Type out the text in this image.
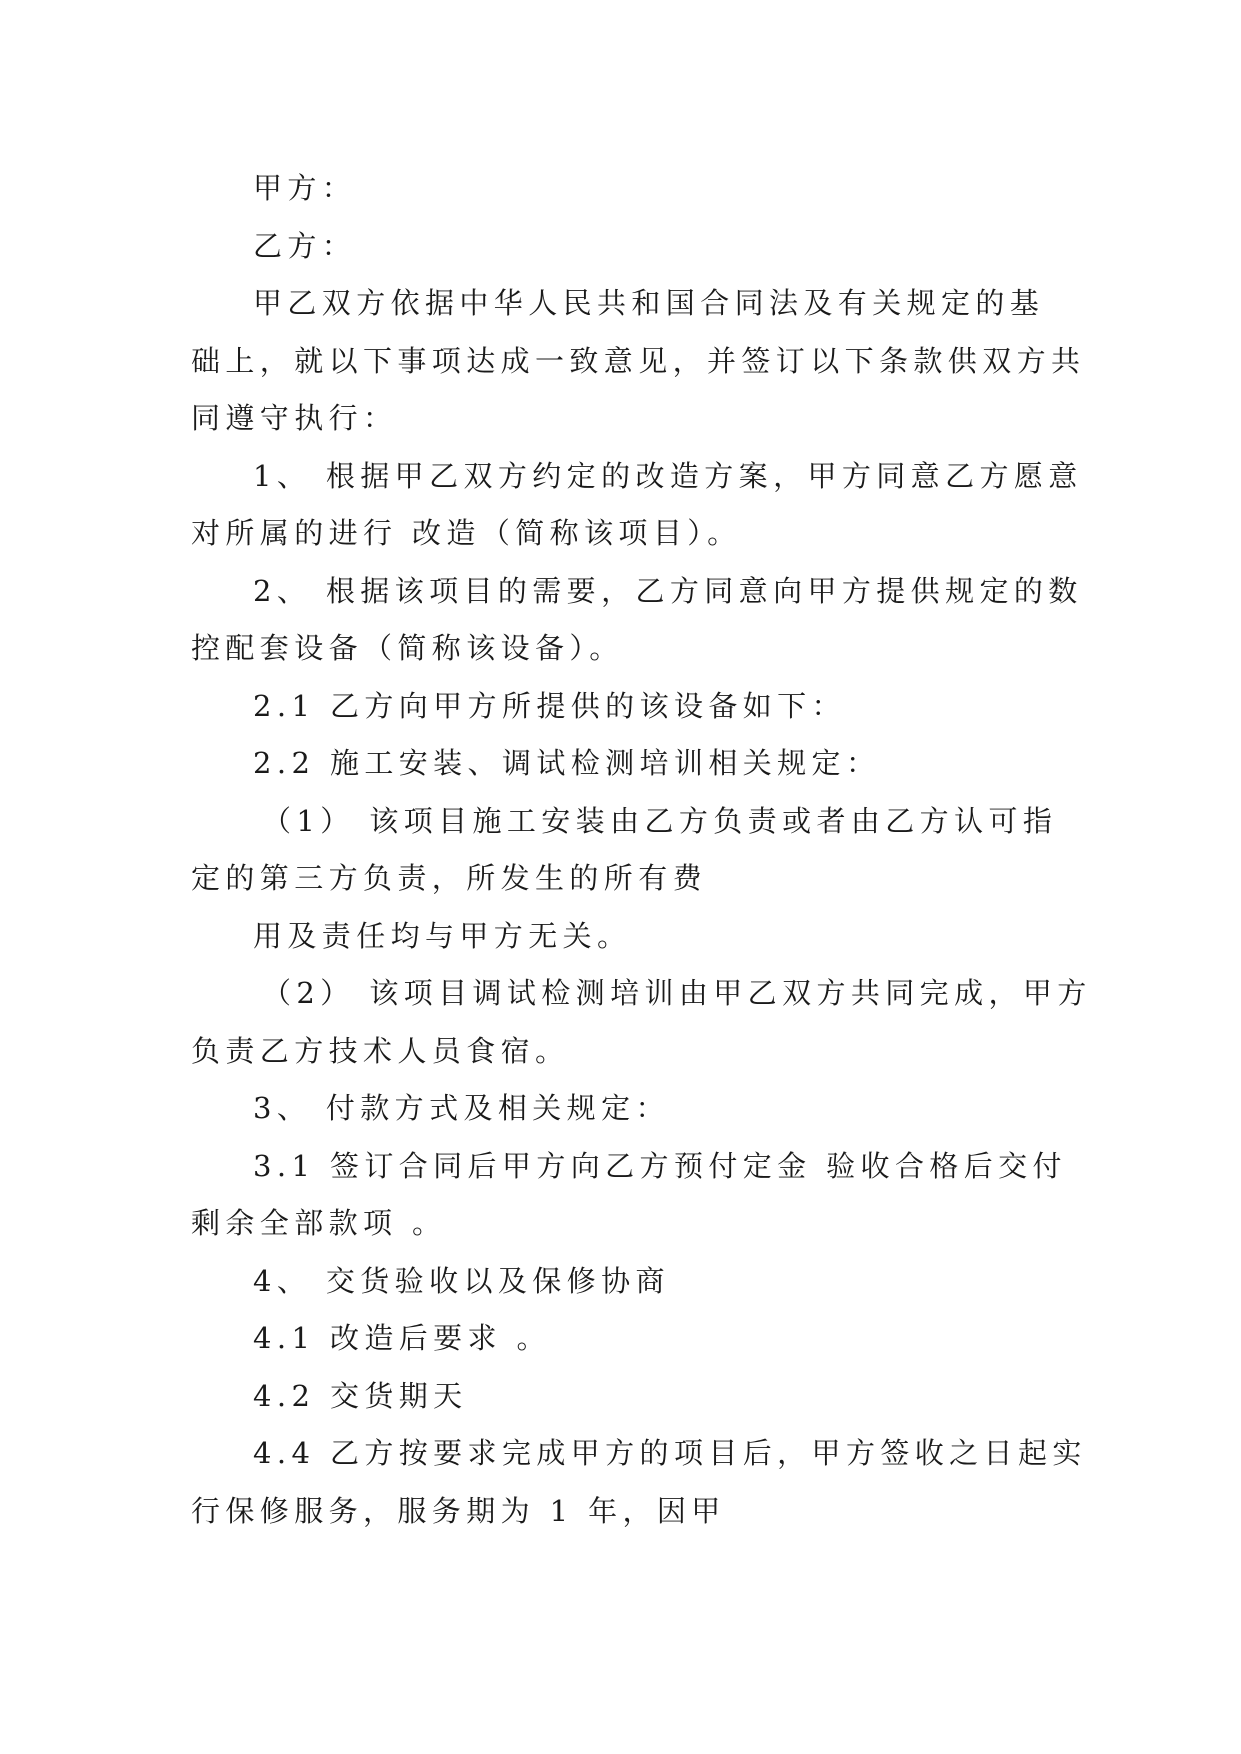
甲方：

乙方：

甲乙双方依据中华人民共和国合同法及有关规定的基

础上，就以下事项达成一致意见，并签订以下条款供双方共

同遵守执行：

1、 根据甲乙双方约定的改造方案，甲方同意乙方愿意

对所属的进行 改造（简称该项目）。

2、 根据该项目的需要，乙方同意向甲方提供规定的数

控配套设备（简称该设备）。

2.1 乙方向甲方所提供的该设备如下：

2.2 施工安装、调试检测培训相关规定：

（1） 该项目施工安装由乙方负责或者由乙方认可指

定的第三方负责，所发生的所有费

用及责任均与甲方无关。

（2） 该项目调试检测培训由甲乙双方共同完成，甲方

负责乙方技术人员食宿。

3、 付款方式及相关规定：

3.1 签订合同后甲方向乙方预付定金 验收合格后交付

剩余全部款项 。

4、 交货验收以及保修协商

4.1 改造后要求 。

4.2 交货期天

4.4 乙方按要求完成甲方的项目后，甲方签收之日起实

行保修服务，服务期为 1 年，因甲
